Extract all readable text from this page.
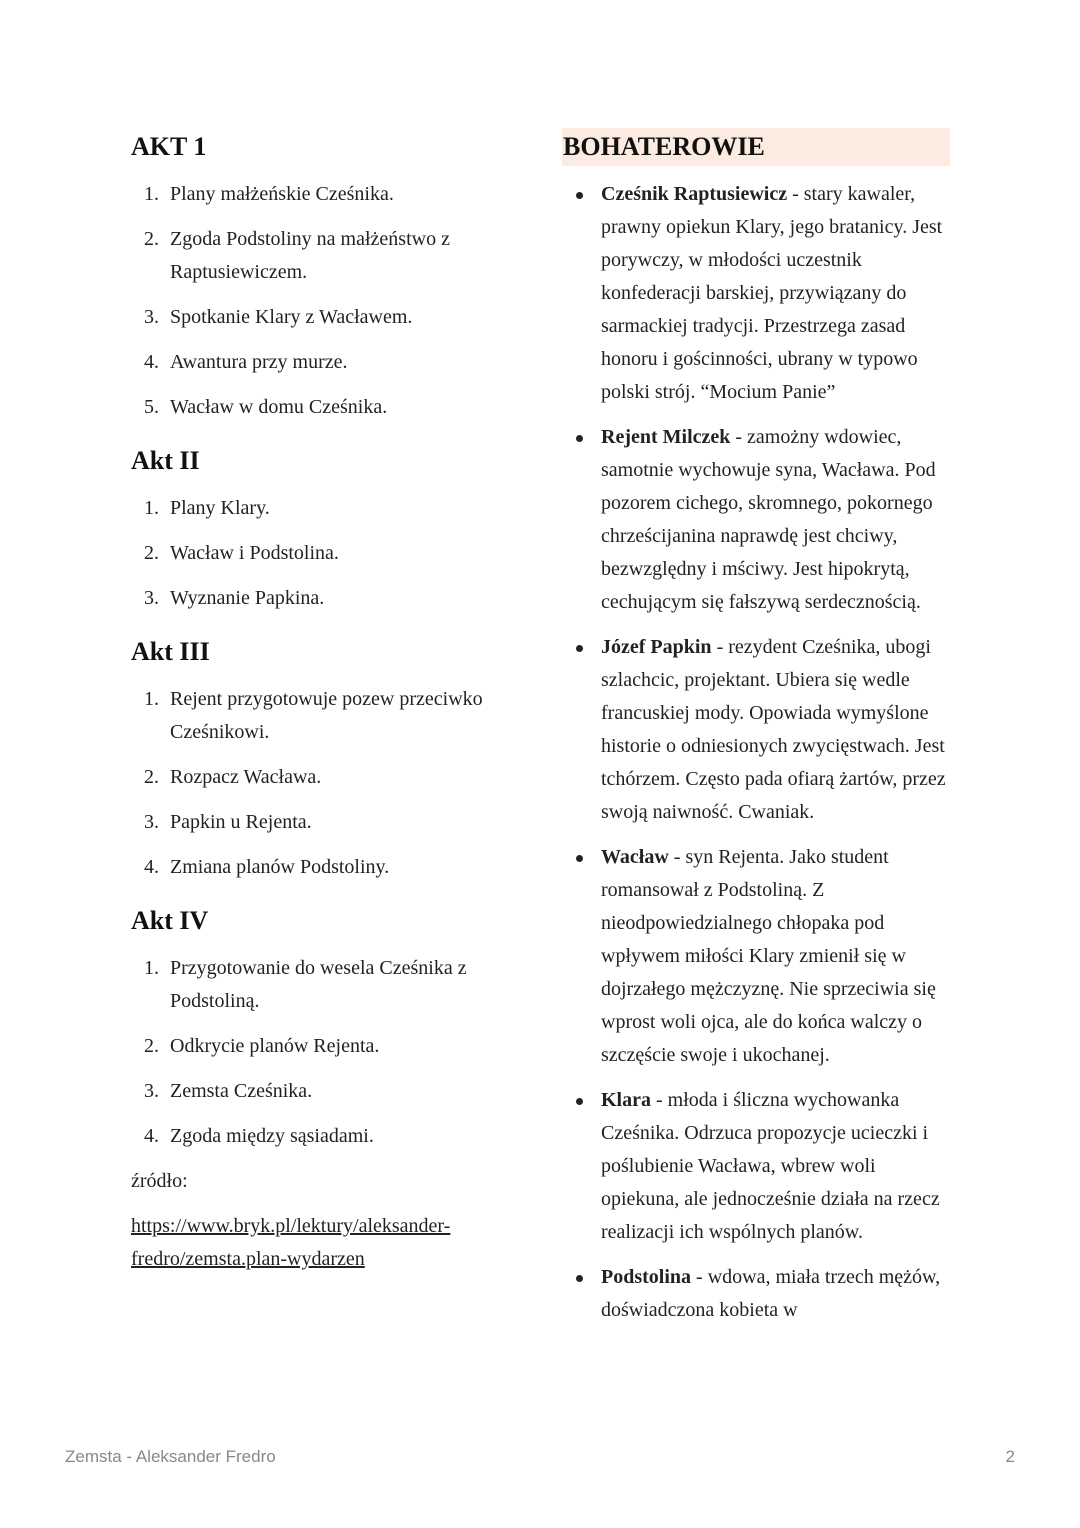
AKT 1
1. Plany małżeńskie Cześnika.
2. Zgoda Podstoliny na małżeństwo z Raptusiewiczem.
3. Spotkanie Klary z Wacławem.
4. Awantura przy murze.
5. Wacław w domu Cześnika.
Akt II
1. Plany Klary.
2. Wacław i Podstolina.
3. Wyznanie Papkina.
Akt III
1. Rejent przygotowuje pozew przeciwko Cześnikowi.
2. Rozpacz Wacława.
3. Papkin u Rejenta.
4. Zmiana planów Podstoliny.
Akt IV
1. Przygotowanie do wesela Cześnika z Podstoliną.
2. Odkrycie planów Rejenta.
3. Zemsta Cześnika.
4. Zgoda między sąsiadami.
źródło:
https://www.bryk.pl/lektury/aleksander-fredro/zemsta.plan-wydarzen
BOHATEROWIE
Cześnik Raptusiewicz - stary kawaler, prawny opiekun Klary, jego bratanicy. Jest porywczy, w młodości uczestnik konfederacji barskiej, przywiązany do sarmackiej tradycji. Przestrzega zasad honoru i gościnności, ubrany w typowo polski strój. “Mocium Panie”
Rejent Milczek - zamożny wdowiec, samotnie wychowuje syna, Wacława. Pod pozorem cichego, skromnego, pokornego chrześcijanina naprawdę jest chciwy, bezwzględny i mściwy. Jest hipokrytą, cechującym się fałszywą serdecznością.
Józef Papkin - rezydent Cześnika, ubogi szlachcic, projektant. Ubiera się wedle francuskiej mody. Opowiada wymyślone historie o odniesionych zwycięstwach. Jest tchórzem. Często pada ofiarą żartów, przez swoją naiwność. Cwaniak.
Wacław - syn Rejenta. Jako student romansował z Podstoliną. Z nieodpowiedzialnego chłopaka pod wpływem miłości Klary zmienił się w dojrzałego mężczyznę. Nie sprzeciwia się wprost woli ojca, ale do końca walczy o szczęście swoje i ukochanej.
Klara - młoda i śliczna wychowanka Cześnika. Odrzuca propozycje ucieczki i poślubienie Wacława, wbrew woli opiekuna, ale jednocześnie działa na rzecz realizacji ich wspólnych planów.
Podstolina - wdowa, miała trzech mężów, doświadczona kobieta w
Zemsta - Aleksander Fredro	2
